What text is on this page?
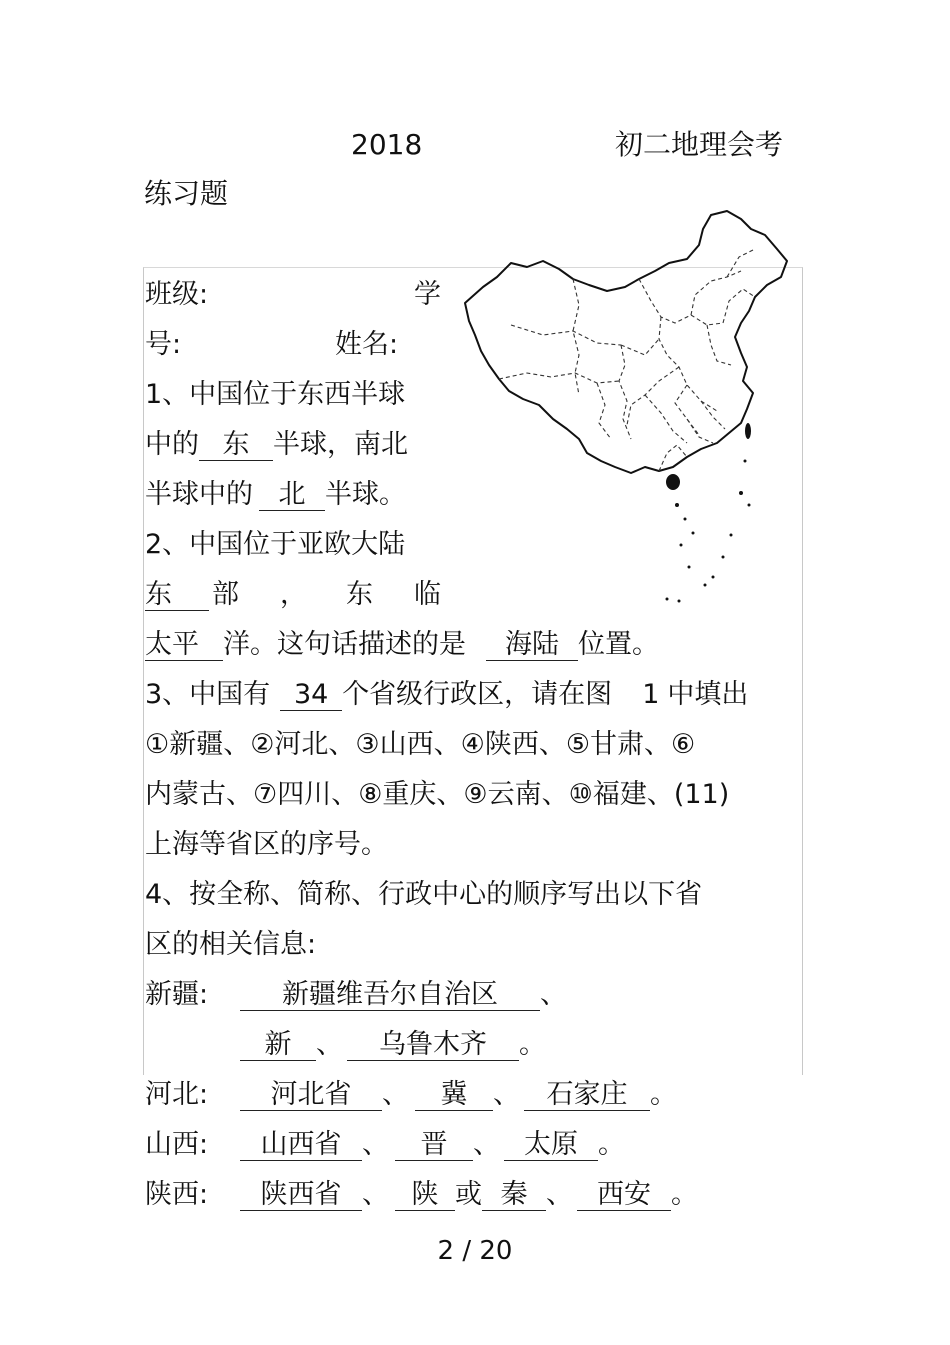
2018	初二地理会考
练习题
班级:	学
号:	姓名:
1、中国位于东西半球
中的 东 半球，南北
半球中的 北 半球。
2、中国位于亚欧大陆
东	部 ， 东 临
太平 洋。这句话描述的是 海陆 位置。
3、中国有 34 个省级行政区，请在图 1 中填出
①新疆、②河北、③山西、④陕西、⑤甘肃、⑥
内蒙古、⑦四川、⑧重庆、⑨云南、⑩福建、(11)
上海等省区的序号。
4、按全称、简称、行政中心的顺序写出以下省
区的相关信息:
新疆:	新疆维吾尔自治区 、
新 、 乌鲁木齐 。
河北:	河北省 、 冀 、 石家庄 。
山西:	山西省 、 晋 、 太原 。
陕西:	陕西省 、 陕 或 秦 、 西安 。
2 / 20
